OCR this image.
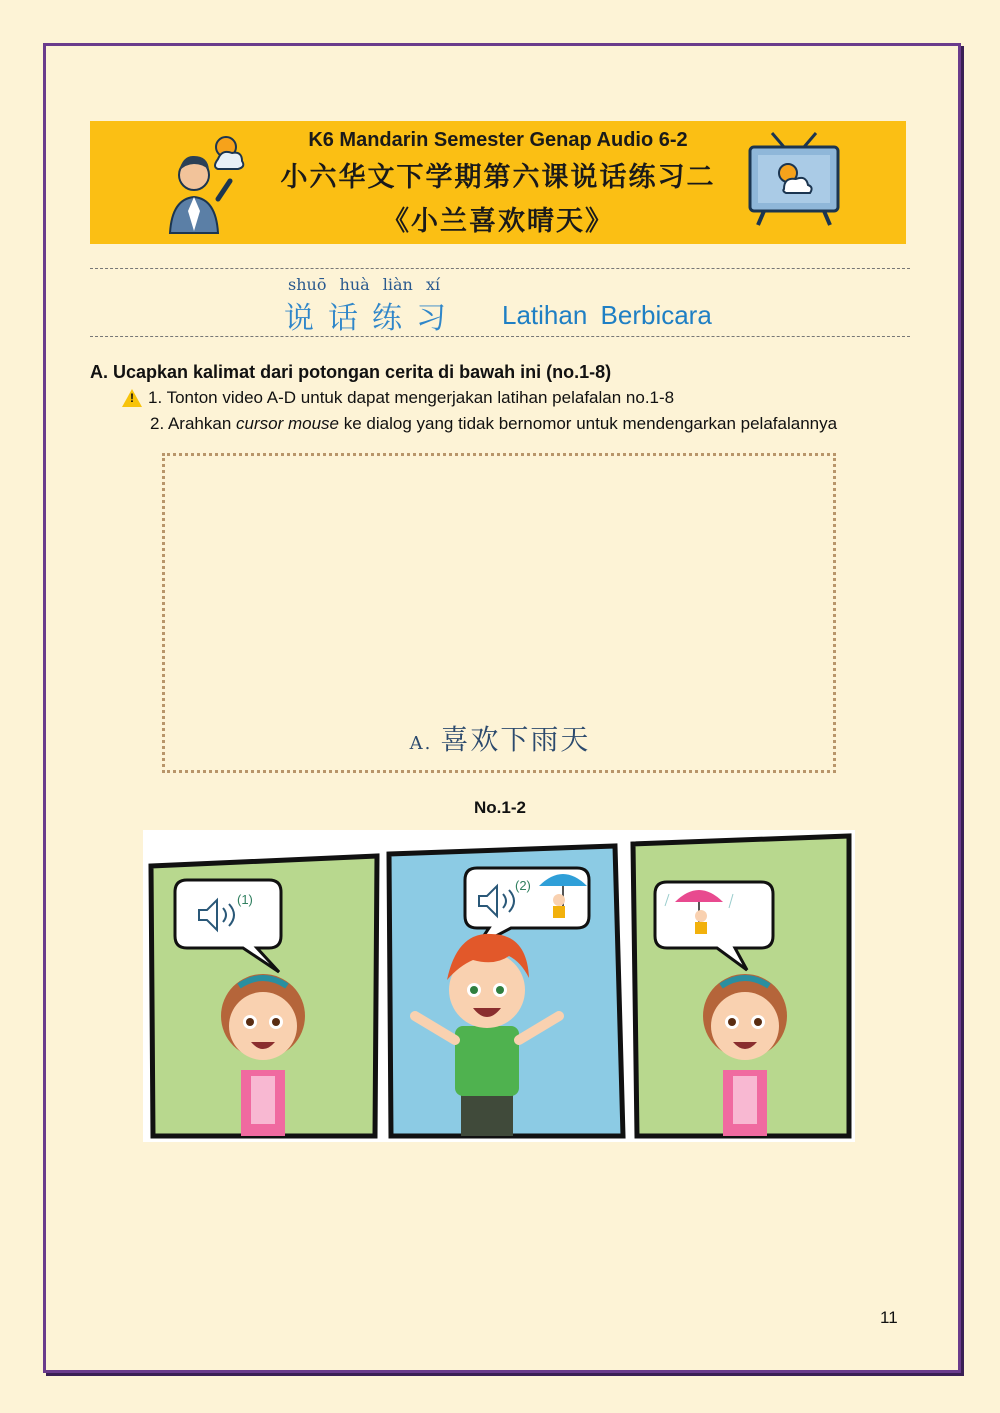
K6 Mandarin Semester Genap Audio 6-2
小六华文下学期第六课说话练习二
《小兰喜欢晴天》
shuō huà liàn xí
说话练习 Latihan Berbicara
A. Ucapkan kalimat dari potongan cerita di bawah ini (no.1-8)
! 1. Tonton video A-D untuk dapat mengerjakan latihan pelafalan no.1-8
2. Arahkan cursor mouse ke dialog yang tidak bernomor untuk mendengarkan pelafalannya
A. 喜欢下雨天
No.1-2
(1)
(2)
11
